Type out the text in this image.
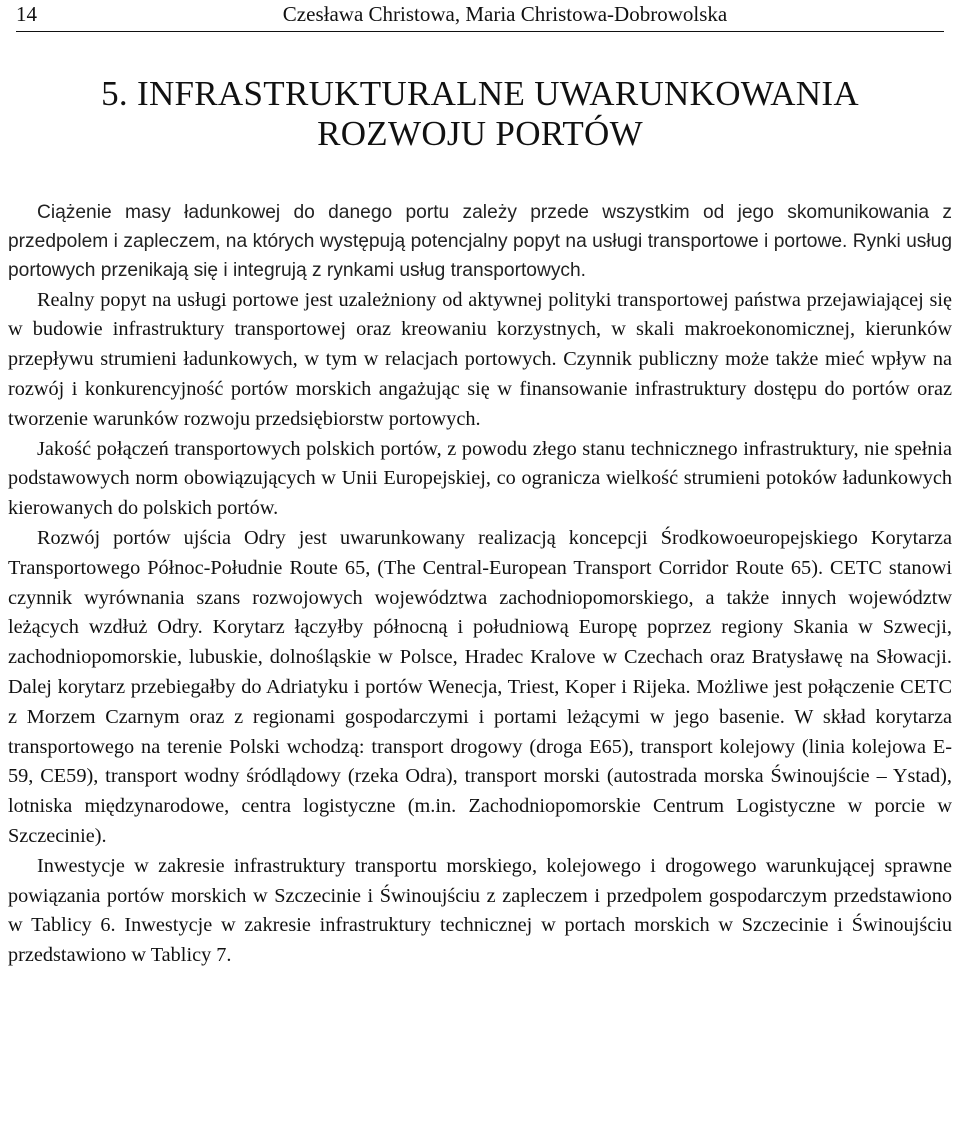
14	Czesława Christowa, Maria Christowa-Dobrowolska
5. INFRASTRUKTURALNE UWARUNKOWANIA
ROZWOJU PORTÓW

Ciążenie masy ładunkowej do danego portu zależy przede wszystkim od jego skomunikowania z przedpolem i zapleczem, na których występują potencjalny popyt na usługi transportowe i portowe. Rynki usług portowych przenikają się i integrują z rynkami usług transportowych.

Realny popyt na usługi portowe jest uzależniony od aktywnej polityki transportowej państwa przejawiającej się w budowie infrastruktury transportowej oraz kreowaniu korzystnych, w skali makroekonomicznej, kierunków przepływu strumieni ładunkowych, w tym w relacjach portowych. Czynnik publiczny może także mieć wpływ na rozwój i konkurencyjność portów morskich angażując się w finansowanie infrastruktury dostępu do portów oraz tworzenie warunków rozwoju przedsiębiorstw portowych.

Jakość połączeń transportowych polskich portów, z powodu złego stanu technicznego infrastruktury, nie spełnia podstawowych norm obowiązujących w Unii Europejskiej, co ogranicza wielkość strumieni potoków ładunkowych kierowanych do polskich portów.

Rozwój portów ujścia Odry jest uwarunkowany realizacją koncepcji Środkowoeuropejskiego Korytarza Transportowego Północ-Południe Route 65, (The Central-European Transport Corridor Route 65). CETC stanowi czynnik wyrównania szans rozwojowych województwa zachodniopomorskiego, a także innych województw leżących wzdłuż Odry. Korytarz łączyłby północną i południową Europę poprzez regiony Skania w Szwecji, zachodniopomorskie, lubuskie, dolnośląskie w Polsce, Hradec Kralove w Czechach oraz Bratysławę na Słowacji. Dalej korytarz przebiegałby do Adriatyku i portów Wenecja, Triest, Koper i Rijeka. Możliwe jest połączenie CETC z Morzem Czarnym oraz z regionami gospodarczymi i portami leżącymi w jego basenie. W skład korytarza transportowego na terenie Polski wchodzą: transport drogowy (droga E65), transport kolejowy (linia kolejowa E-59, CE59), transport wodny śródlądowy (rzeka Odra), transport morski (autostrada morska Świnoujście – Ystad), lotniska międzynarodowe, centra logistyczne (m.in. Zachodniopomorskie Centrum Logistyczne w porcie w Szczecinie).

Inwestycje w zakresie infrastruktury transportu morskiego, kolejowego i drogowego warunkującej sprawne powiązania portów morskich w Szczecinie i Świnoujściu z zapleczem i przedpolem gospodarczym przedstawiono w Tablicy 6. Inwestycje w zakresie infrastruktury technicznej w portach morskich w Szczecinie i Świnoujściu przedstawiono w Tablicy 7.
